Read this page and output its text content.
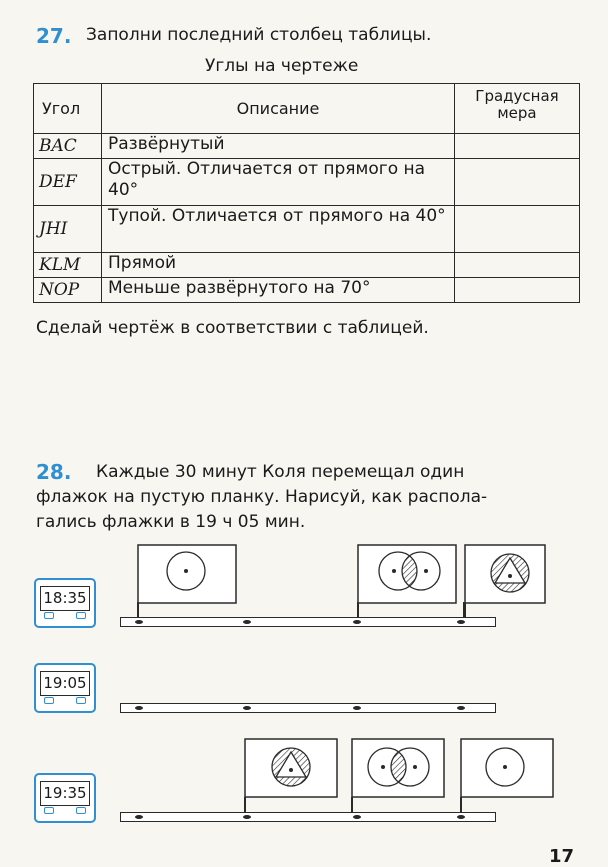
27. Заполни последний столбец таблицы.
Углы на чертеже
Угол	Описание	Градусная мера
BAC	Развёрнутый	
DEF	Острый. Отличается от прямого на 40°	
JHI	Тупой. Отличается от прямого на 40°	
KLM	Прямой	
NOP	Меньше развёрнутого на 70°	
Сделай чертёж в соответствии с таблицей.
28. Каждые 30 минут Коля перемещал один
флажок на пустую планку. Нарисуй, как распола-
гались флажки в 19 ч 05 мин.
18:35
19:05
19:35
17
